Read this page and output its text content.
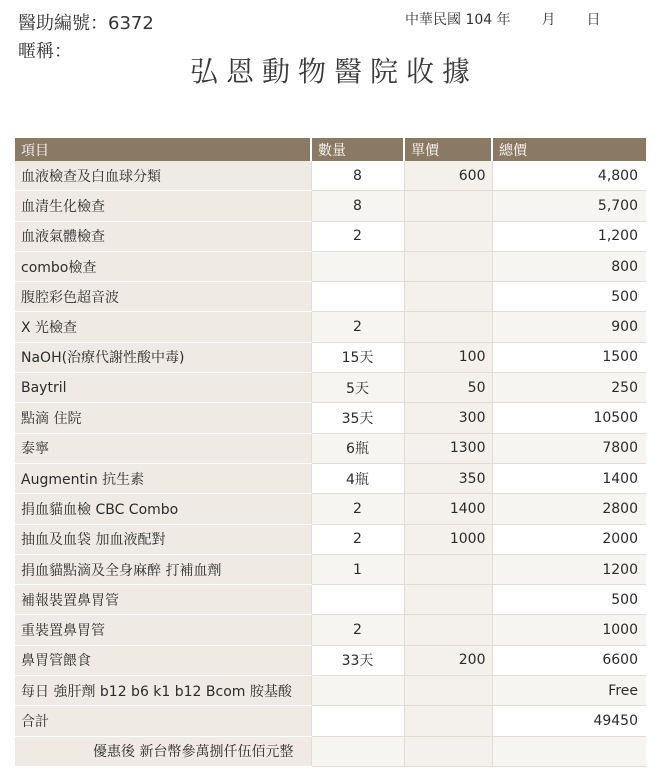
醫助編號：6372
暱稱：
中華民國 104 年 月 日
弘恩動物醫院收據
項目	數量	單價	總價
血液檢查及白血球分類	8	600	4,800
血清生化檢查	8		5,700
血液氣體檢查	2		1,200
combo檢查			800
腹腔彩色超音波			500
X 光檢查	2		900
NaOH(治療代謝性酸中毒)	15天	100	1500
Baytril	5天	50	250
點滴 住院	35天	300	10500
泰寧	6瓶	1300	7800
Augmentin 抗生素	4瓶	350	1400
捐血貓血檢 CBC Combo	2	1400	2800
抽血及血袋 加血液配對	2	1000	2000
捐血貓點滴及全身麻醉 打補血劑	1		1200
補報裝置鼻胃管			500
重裝置鼻胃管	2		1000
鼻胃管餵食	33天	200	6600
每日 強肝劑 b12 b6 k1 b12 Bcom 胺基酸			Free
合計			49450
優惠後 新台幣參萬捌仟伍佰元整			
